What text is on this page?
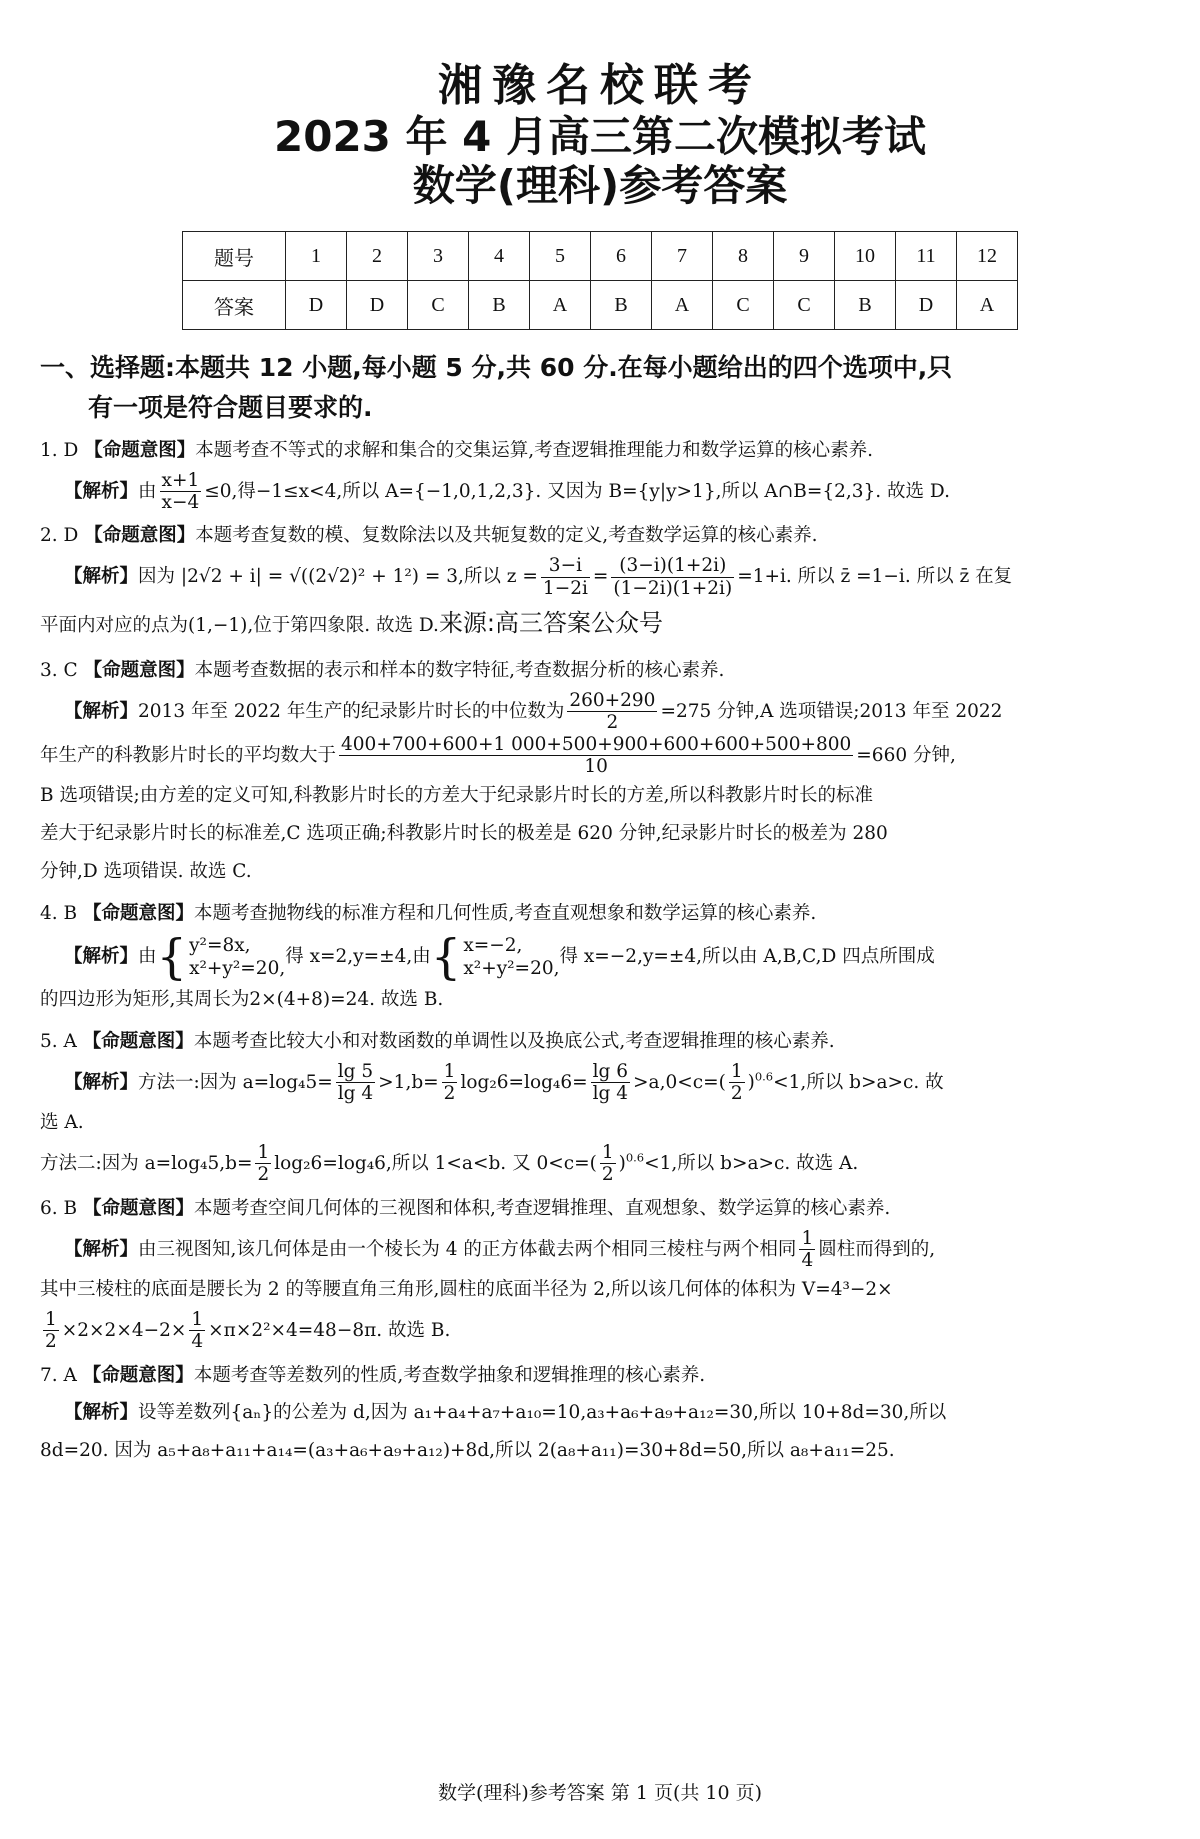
湘豫名校联考
2023 年 4 月高三第二次模拟考试
数学(理科)参考答案
题号	1	2	3	4	5	6	7	8	9	10	11	12
答案	D	D	C	B	A	B	A	C	C	B	D	A
一、选择题:本题共 12 小题,每小题 5 分,共 60 分.在每小题给出的四个选项中,只
有一项是符合题目要求的.
1. D 【命题意图】本题考查不等式的求解和集合的交集运算,考查逻辑推理能力和数学运算的核心素养.
【解析】由 $\frac{x+1}{x-4} \le 0$,得−1≤x<4,所以 A={−1,0,1,2,3}. 又因为 B={y|y>1},所以 A∩B={2,3}. 故选 D.
2. D 【命题意图】本题考查复数的模、复数除法以及共轭复数的定义,考查数学运算的核心素养.
【解析】因为 |2√2 + i| = √((2√2)² + 1²) = 3,所以 $z = \frac{3-i}{1-2i} = \frac{(3-i)(1+2i)}{(1-2i)(1+2i)} =1+i$. 所以 z̄ =1−i. 所以 z̄ 在复
平面内对应的点为(1,−1),位于第四象限. 故选 D.来源:高三答案公众号
3. C 【命题意图】本题考查数据的表示和样本的数字特征,考查数据分析的核心素养.
【解析】2013 年至 2022 年生产的纪录影片时长的中位数为 $\frac{260+290}{2} =275$ 分钟,A 选项错误;2013 年至 2022
年生产的科教影片时长的平均数大于 $\frac{400+700+600+1 000+500+900+600+600+500+800}{10} =660$ 分钟,
B 选项错误;由方差的定义可知,科教影片时长的方差大于纪录影片时长的方差,所以科教影片时长的标准
差大于纪录影片时长的标准差,C 选项正确;科教影片时长的极差是 620 分钟,纪录影片时长的极差为 280
分钟,D 选项错误. 故选 C.
4. B 【命题意图】本题考查抛物线的标准方程和几何性质,考查直观想象和数学运算的核心素养.
【解析】由 { y²=8x,
x²+y²=20,
得 x=2,y=±4,由 { x=−2,
x²+y²=20,
得 x=−2,y=±4,所以由 A,B,C,D 四点所围成
的四边形为矩形,其周长为2×(4+8)=24. 故选 B.
5. A 【命题意图】本题考查比较大小和对数函数的单调性以及换底公式,考查逻辑推理的核心素养.
【解析】方法一:因为 $a=\log_45= \frac{\lg 5}{\lg 4} >1,b= \frac{1}{2} \log_26=\log_46= \frac{\lg 6}{\lg 4} >a,0<c=( \frac{1}{2} )^{0.6}<1$,所以 b>a>c. 故
选 A.
方法二:因为 $a=\log_45,b= \frac{1}{2} \log_26=\log_46$,所以 1<a<b. 又 $0<c=( \frac{1}{2} )^{0.6}<1$,所以 b>a>c. 故选 A.
6. B 【命题意图】本题考查空间几何体的三视图和体积,考查逻辑推理、直观想象、数学运算的核心素养.
【解析】由三视图知,该几何体是由一个棱长为 4 的正方体截去两个相同三棱柱与两个相同 $\frac{1}{4}$ 圆柱而得到的,
其中三棱柱的底面是腰长为 2 的等腰直角三角形,圆柱的底面半径为 2,所以该几何体的体积为 V=4³−2×
$\frac{1}{2} \times 2\times 2\times 4-2\times \frac{1}{4} \times\pi\times 2^2\times 4=48-8\pi$. 故选 B.
7. A 【命题意图】本题考查等差数列的性质,考查数学抽象和逻辑推理的核心素养.
【解析】设等差数列{aₙ}的公差为 d,因为 a₁+a₄+a₇+a₁₀=10,a₃+a₆+a₉+a₁₂=30,所以 10+8d=30,所以
8d=20. 因为 a₅+a₈+a₁₁+a₁₄=(a₃+a₆+a₉+a₁₂)+8d,所以 2(a₈+a₁₁)=30+8d=50,所以 a₈+a₁₁=25.
数学(理科)参考答案 第 1 页(共 10 页)
